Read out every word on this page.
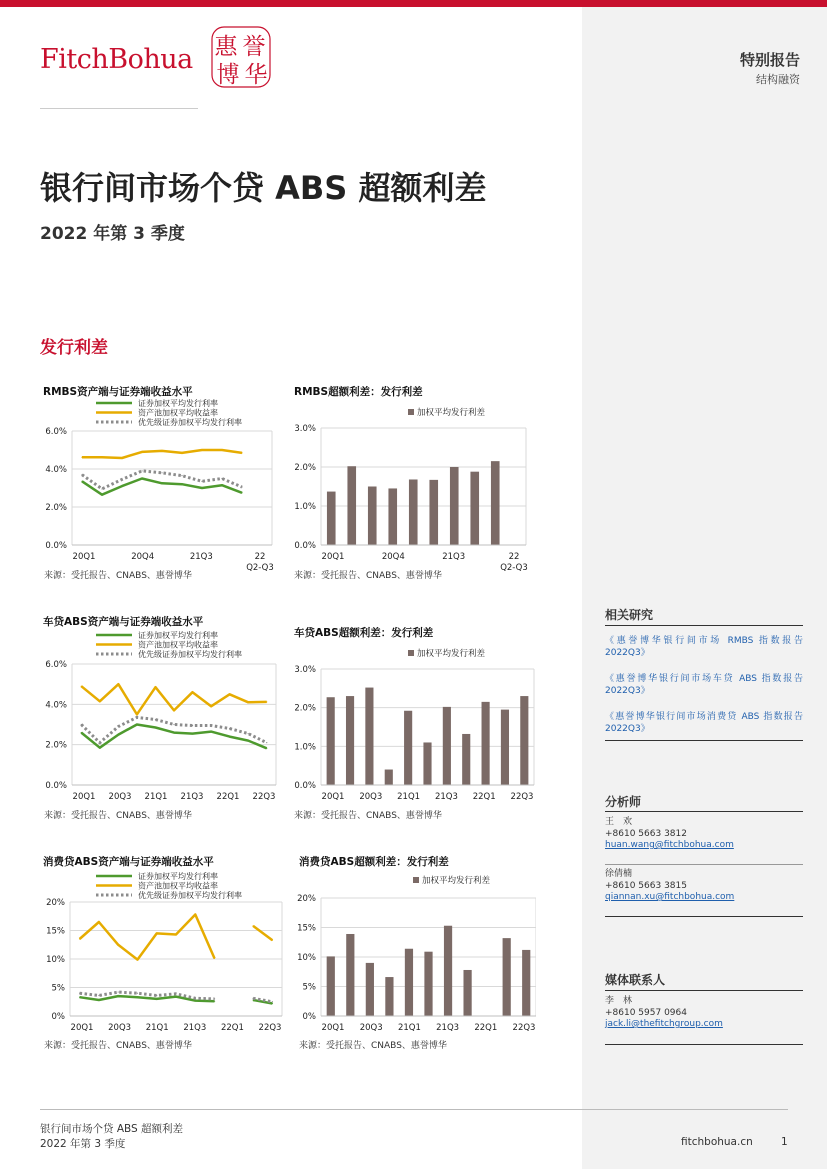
FitchBohua 惠 誉
博 华
特别报告
结构融资
银行间市场个贷 ABS 超额利差
2022 年第 3 季度
发行利差
RMBS资产端与证券端收益水平
0.0%
2.0%
4.0%
6.0%
20Q1	20Q4	21Q3	22
Q2-Q3
证券加权平均发行利率
资产池加权平均收益率
优先级证券加权平均发行利率
RMBS超额利差：发行利差
0.0%
1.0%
2.0%
3.0%
20Q1	20Q4	21Q3	22
Q2-Q3
加权平均发行利差
车贷ABS资产端与证券端收益水平
0.0%
2.0%
4.0%
6.0%
20Q1 20Q3 21Q1 21Q3 22Q1 22Q3
证券加权平均发行利率
资产池加权平均收益率
优先级证券加权平均发行利率
车贷ABS超额利差：发行利差
0.0%
1.0%
2.0%
3.0%
20Q1 20Q3 21Q1 21Q3 22Q1 22Q3
加权平均发行利差
消费贷ABS资产端与证券端收益水平
0%
5%
10%
15%
20%
20Q1 20Q3 21Q1 21Q3 22Q1 22Q3
证券加权平均发行利率
资产池加权平均收益率
优先级证券加权平均发行利率
消费贷ABS超额利差：发行利差
0%
5%
10%
15%
20%
20Q1 20Q3 21Q1 21Q3 22Q1 22Q3
加权平均发行利差
来源：受托报告、CNABS、惠誉博华	来源：受托报告、CNABS、惠誉博华
来源：受托报告、CNABS、惠誉博华	来源：受托报告、CNABS、惠誉博华
来源：受托报告、CNABS、惠誉博华	来源：受托报告、CNABS、惠誉博华
相关研究
《惠誉博华银行间市场 RMBS 指数报告 2022Q3》
《惠誉博华银行间市场车贷 ABS 指数报告 2022Q3》
《惠誉博华银行间市场消费贷 ABS 指数报告 2022Q3》
分析师
王　欢
+8610 5663 3812
huan.wang@fitchbohua.com
徐倩楠
+8610 5663 3815
qiannan.xu@fitchbohua.com
媒体联系人
李　林
+8610 5957 0964
jack.li@thefitchgroup.com
银行间市场个贷 ABS 超额利差
2022 年第 3 季度	fitchbohua.cn	1
